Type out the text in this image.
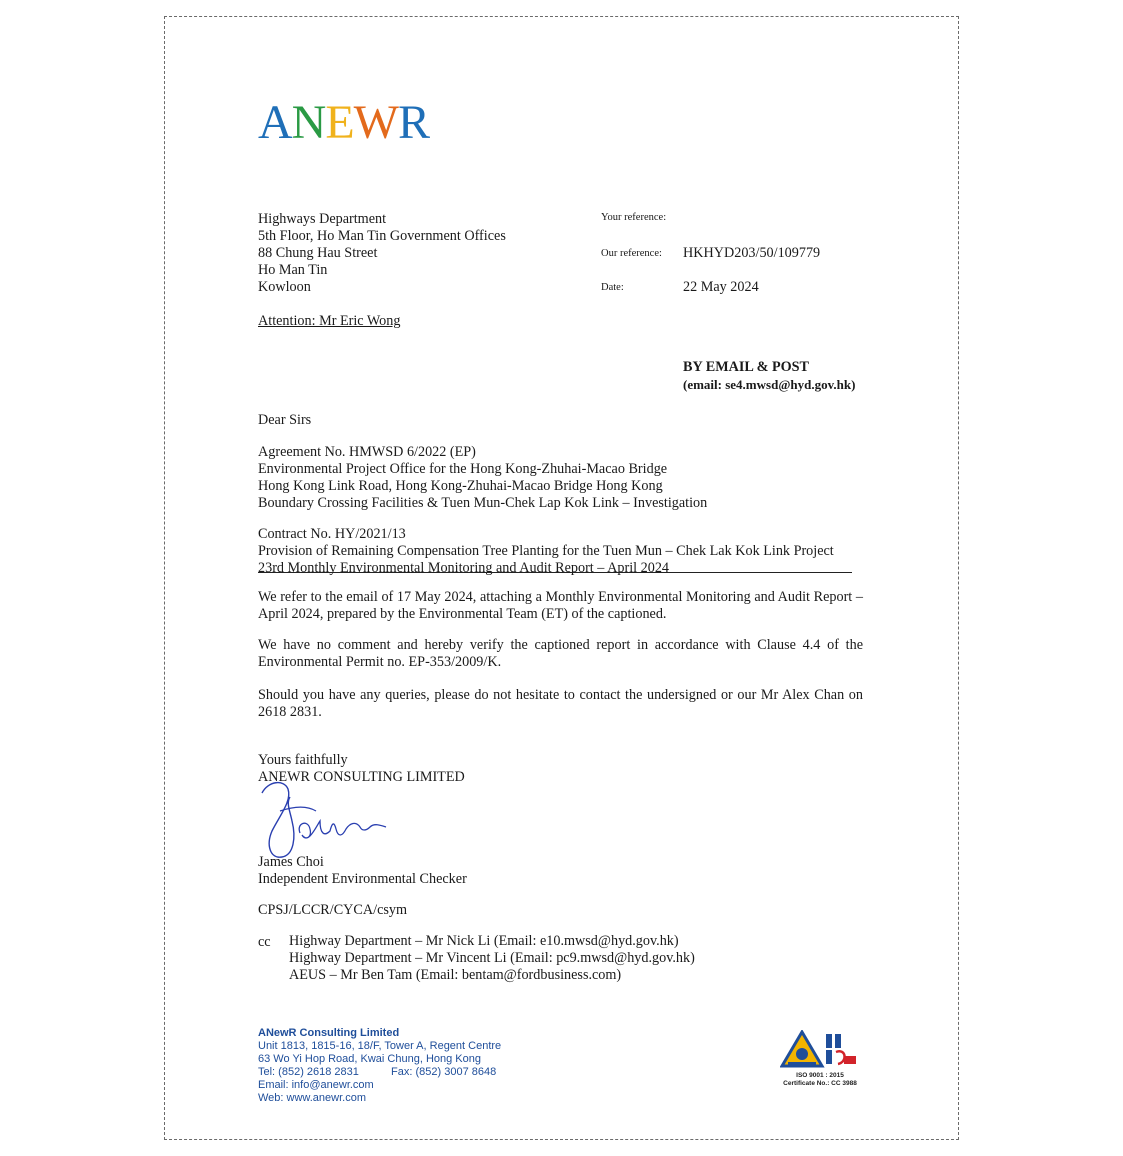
ANEWR
Highways Department
5th Floor, Ho Man Tin Government Offices
88 Chung Hau Street
Ho Man Tin
Kowloon
Attention: Mr Eric Wong
Your reference:
Our reference: HKHYD203/50/109779
Date:	22 May 2024
BY EMAIL & POST
(email: se4.mwsd@hyd.gov.hk)
Dear Sirs
Agreement No. HMWSD 6/2022 (EP)
Environmental Project Office for the Hong Kong-Zhuhai-Macao Bridge
Hong Kong Link Road, Hong Kong-Zhuhai-Macao Bridge Hong Kong
Boundary Crossing Facilities & Tuen Mun-Chek Lap Kok Link – Investigation
Contract No. HY/2021/13
Provision of Remaining Compensation Tree Planting for the Tuen Mun – Chek Lak Kok Link Project
23rd Monthly Environmental Monitoring and Audit Report – April 2024
We refer to the email of 17 May 2024, attaching a Monthly Environmental Monitoring and Audit Report – April 2024, prepared by the Environmental Team (ET) of the captioned.
We have no comment and hereby verify the captioned report in accordance with Clause 4.4 of the Environmental Permit no. EP-353/2009/K.
Should you have any queries, please do not hesitate to contact the undersigned or our Mr Alex Chan on 2618 2831.
Yours faithfully
ANEWR CONSULTING LIMITED
James Choi
Independent Environmental Checker
CPSJ/LCCR/CYCA/csym
cc Highway Department – Mr Nick Li (Email: e10.mwsd@hyd.gov.hk)
Highway Department – Mr Vincent Li (Email: pc9.mwsd@hyd.gov.hk)
AEUS – Mr Ben Tam (Email: bentam@fordbusiness.com)
ANewR Consulting Limited
Unit 1813, 1815-16, 18/F, Tower A, Regent Centre
63 Wo Yi Hop Road, Kwai Chung, Hong Kong
Tel: (852) 2618 2831	Fax: (852) 3007 8648
Email: info@anewr.com
Web: www.anewr.com
ISO 9001 : 2015
Certificate No.: CC 3988
